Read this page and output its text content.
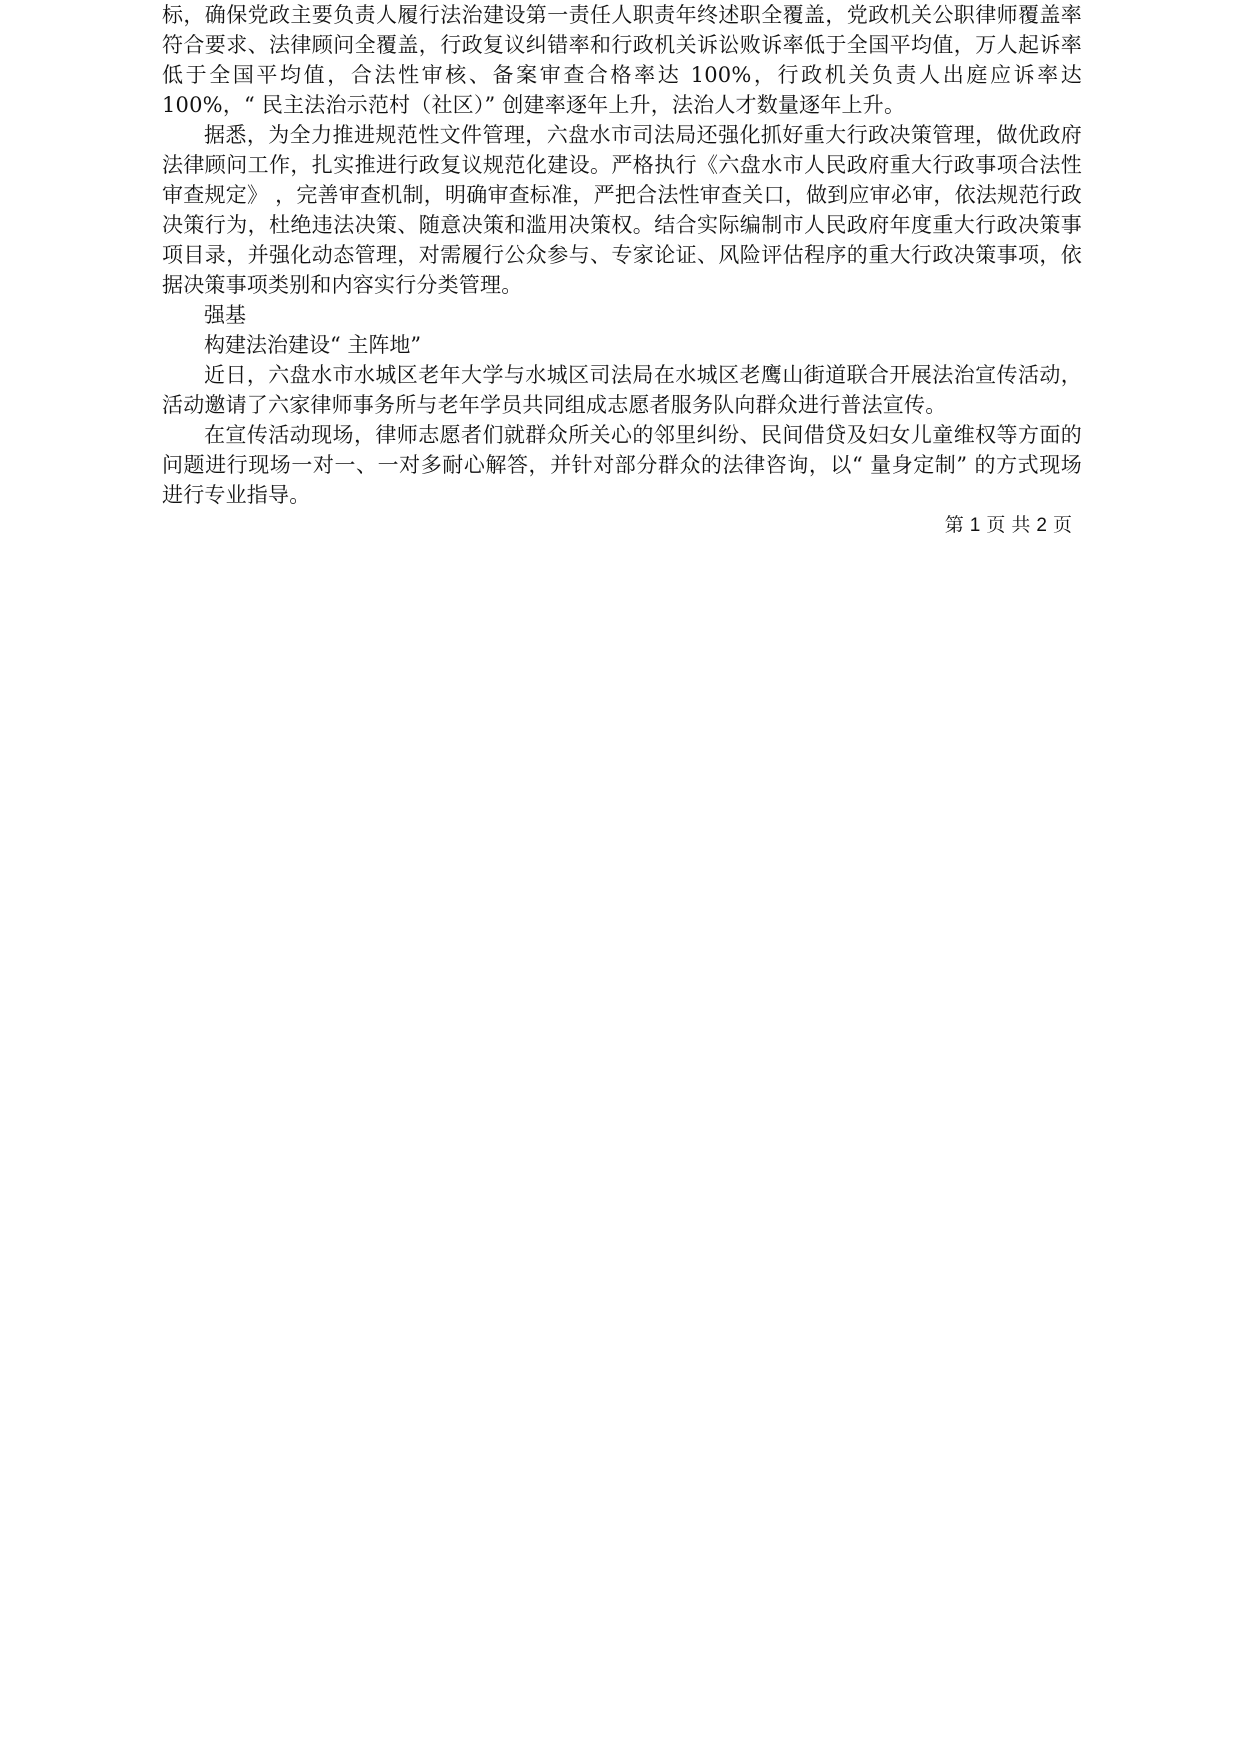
标，确保党政主要负责人履行法治建设第一责任人职责年终述职全覆盖，党政机关公职律师覆盖率符合要求、法律顾问全覆盖，行政复议纠错率和行政机关诉讼败诉率低于全国平均值，万人起诉率低于全国平均值，合法性审核、备案审查合格率达 100%，行政机关负责人出庭应诉率达100%，“ 民主法治示范村（社区）” 创建率逐年上升，法治人才数量逐年上升。

据悉，为全力推进规范性文件管理，六盘水市司法局还强化抓好重大行政决策管理，做优政府法律顾问工作，扎实推进行政复议规范化建设。严格执行《六盘水市人民政府重大行政事项合法性审查规定》 ，完善审查机制，明确审查标准，严把合法性审查关口，做到应审必审，依法规范行政决策行为，杜绝违法决策、随意决策和滥用决策权。结合实际编制市人民政府年度重大行政决策事项目录，并强化动态管理，对需履行公众参与、专家论证、风险评估程序的重大行政决策事项，依据决策事项类别和内容实行分类管理。

强基

构建法治建设“ 主阵地”

近日，六盘水市水城区老年大学与水城区司法局在水城区老鹰山街道联合开展法治宣传活动，活动邀请了六家律师事务所与老年学员共同组成志愿者服务队向群众进行普法宣传。

在宣传活动现场，律师志愿者们就群众所关心的邻里纠纷、民间借贷及妇女儿童维权等方面的问题进行现场一对一、一对多耐心解答，并针对部分群众的法律咨询，以“ 量身定制” 的方式现场进行专业指导。

第 1 页 共 2 页
